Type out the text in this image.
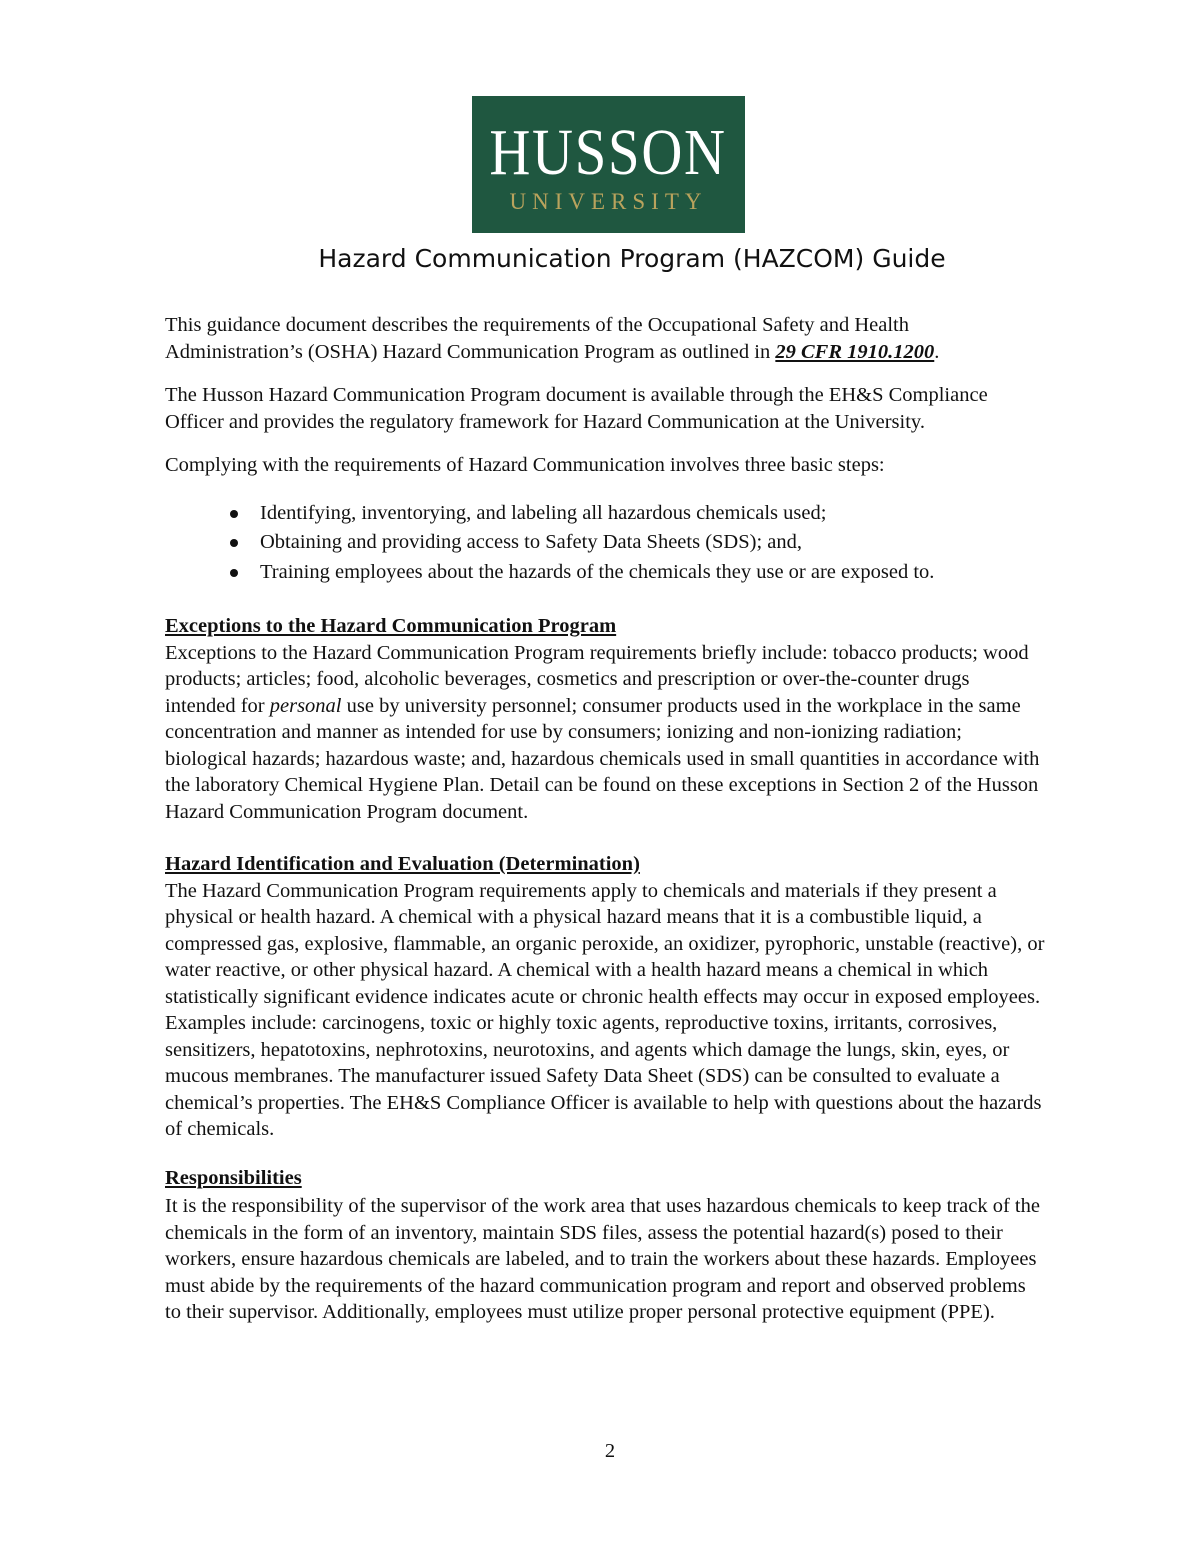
HUSSON
UNIVERSITY
Hazard Communication Program (HAZCOM) Guide

This guidance document describes the requirements of the Occupational Safety and Health Administration’s (OSHA) Hazard Communication Program as outlined in 29 CFR 1910.1200.

The Husson Hazard Communication Program document is available through the EH&S Compliance Officer and provides the regulatory framework for Hazard Communication at the University.

Complying with the requirements of Hazard Communication involves three basic steps:

Identifying, inventorying, and labeling all hazardous chemicals used;
Obtaining and providing access to Safety Data Sheets (SDS); and,
Training employees about the hazards of the chemicals they use or are exposed to.
Exceptions to the Hazard Communication Program

Exceptions to the Hazard Communication Program requirements briefly include: tobacco products; wood products; articles; food, alcoholic beverages, cosmetics and prescription or over-the-counter drugs intended for personal use by university personnel; consumer products used in the workplace in the same concentration and manner as intended for use by consumers; ionizing and non-ionizing radiation; biological hazards; hazardous waste; and, hazardous chemicals used in small quantities in accordance with the laboratory Chemical Hygiene Plan. Detail can be found on these exceptions in Section 2 of the Husson Hazard Communication Program document.

Hazard Identification and Evaluation (Determination)

The Hazard Communication Program requirements apply to chemicals and materials if they present a physical or health hazard. A chemical with a physical hazard means that it is a combustible liquid, a compressed gas, explosive, flammable, an organic peroxide, an oxidizer, pyrophoric, unstable (reactive), or water reactive, or other physical hazard. A chemical with a health hazard means a chemical in which statistically significant evidence indicates acute or chronic health effects may occur in exposed employees. Examples include: carcinogens, toxic or highly toxic agents, reproductive toxins, irritants, corrosives, sensitizers, hepatotoxins, nephrotoxins, neurotoxins, and agents which damage the lungs, skin, eyes, or mucous membranes. The manufacturer issued Safety Data Sheet (SDS) can be consulted to evaluate a chemical’s properties. The EH&S Compliance Officer is available to help with questions about the hazards of chemicals.

Responsibilities

It is the responsibility of the supervisor of the work area that uses hazardous chemicals to keep track of the chemicals in the form of an inventory, maintain SDS files, assess the potential hazard(s) posed to their workers, ensure hazardous chemicals are labeled, and to train the workers about these hazards. Employees must abide by the requirements of the hazard communication program and report and observed problems to their supervisor. Additionally, employees must utilize proper personal protective equipment (PPE).

2
